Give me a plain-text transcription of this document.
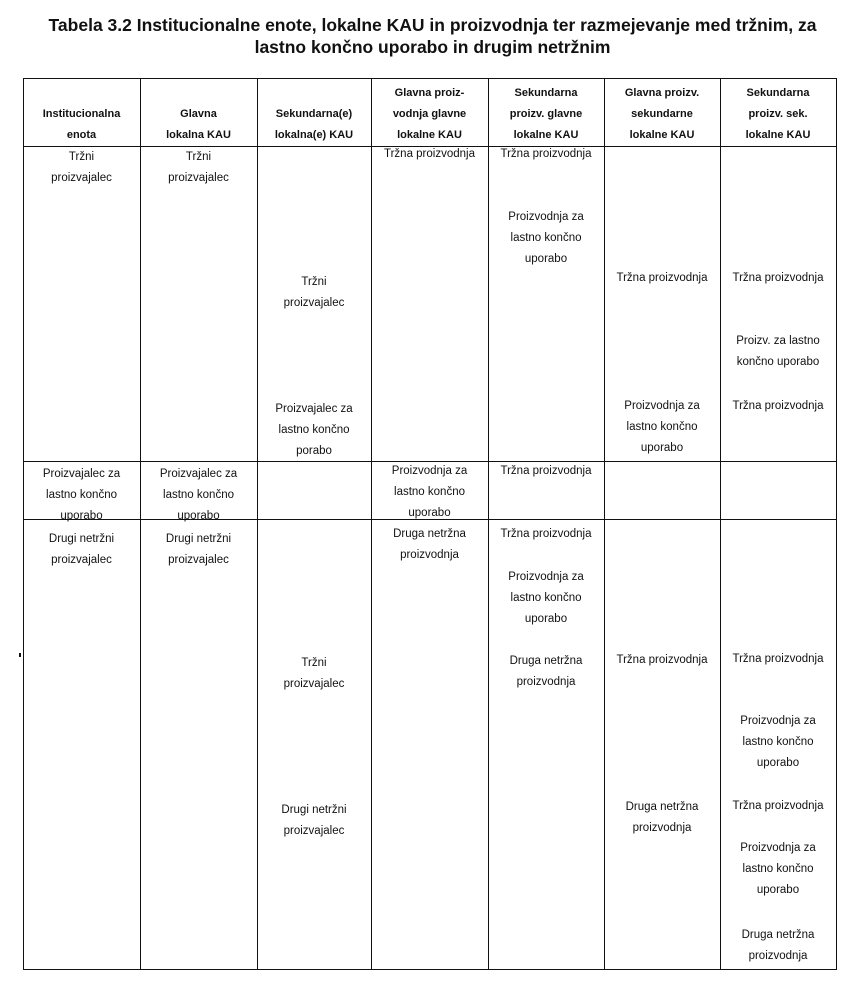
Tabela 3.2 Institucionalne enote, lokalne KAU in proizvodnja ter razmejevanje med tržnim, za
lastno končno uporabo in drugim netržnim
Institucionalna
enota
Glavna
lokalna KAU
Sekundarna(e)
lokalna(e) KAU
Glavna proiz-
vodnja glavne
lokalne KAU
Sekundarna
proizv. glavne
lokalne KAU
Glavna proizv.
sekundarne
lokalne KAU
Sekundarna
proizv. sek.
lokalne KAU
Tržni
proizvajalec
Tržni
proizvajalec
Tržni
proizvajalec
Proizvajalec za
lastno končno
porabo
Tržna proizvodnja	Tržna proizvodnja
Proizvodnja za
lastno končno
uporabo
Tržna proizvodnja
Proizvodnja za
lastno končno
uporabo
Tržna proizvodnja
Proizv. za lastno
končno uporabo
Tržna proizvodnja
Proizvajalec za
lastno končno
uporabo
Proizvajalec za
lastno končno
uporabo
Proizvodnja za
lastno končno
uporabo
Tržna proizvodnja
Drugi netržni
proizvajalec
Drugi netržni
proizvajalec
Tržni
proizvajalec
Drugi netržni
proizvajalec
Druga netržna
proizvodnja
Tržna proizvodnja
Proizvodnja za
lastno končno
uporabo
Druga netržna
proizvodnja
Tržna proizvodnja
Druga netržna
proizvodnja
Tržna proizvodnja
Proizvodnja za
lastno končno
uporabo
Tržna proizvodnja
Proizvodnja za
lastno končno
uporabo
Druga netržna
proizvodnja
